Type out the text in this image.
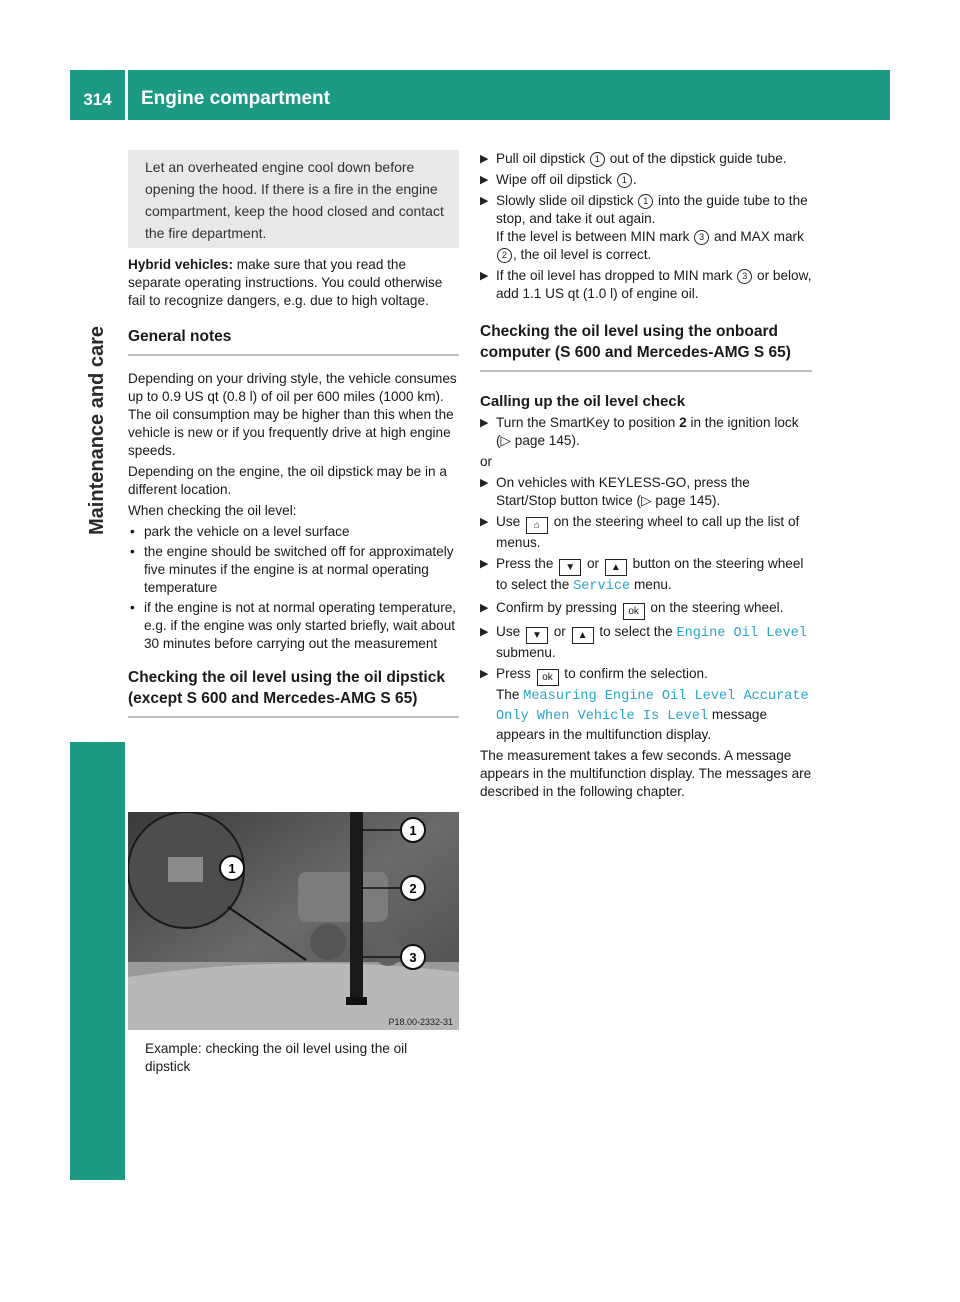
314 Engine compartment
Maintenance and care
Let an overheated engine cool down before opening the hood. If there is a fire in the engine compartment, keep the hood closed and contact the fire department.

Hybrid vehicles: make sure that you read the separate operating instructions. You could otherwise fail to recognize dangers, e.g. due to high voltage.

General notes

Depending on your driving style, the vehicle consumes up to 0.9 US qt (0.8 l) of oil per 600 miles (1000 km). The oil consumption may be higher than this when the vehicle is new or if you frequently drive at high engine speeds.

Depending on the engine, the oil dipstick may be in a different location.

When checking the oil level:

• park the vehicle on a level surface
• the engine should be switched off for approximately five minutes if the engine is at normal operating temperature
• if the engine is not at normal operating temperature, e.g. if the engine was only started briefly, wait about 30 minutes before carrying out the measurement
Checking the oil level using the oil dipstick (except S 600 and Mercedes-AMG S 65)
1
1
2
3
P18.00-2332-31
Example: checking the oil level using the oil dipstick
▶ Pull oil dipstick 1 out of the dipstick guide tube.
▶ Wipe off oil dipstick 1 .
▶ Slowly slide oil dipstick 1 into the guide tube to the stop, and take it out again.
If the level is between MIN mark 3 and MAX mark 2 , the oil level is correct.
▶ If the oil level has dropped to MIN mark 3 or below, add 1.1 US qt (1.0 l) of engine oil.
Checking the oil level using the onboard computer (S 600 and Mercedes-AMG S 65)
Calling up the oil level check
▶ Turn the SmartKey to position 2 in the ignition lock (▷ page 145).

or

▶ On vehicles with KEYLESS-GO, press the Start/Stop button twice (▷ page 145).
▶ Use ⌂ on the steering wheel to call up the list of menus.
▶ Press the ▼ or ▲ button on the steering wheel to select the Service menu.
▶ Confirm by pressing ok on the steering wheel.
▶ Use ▼ or ▲ to select the Engine Oil Level submenu.
▶ Press ok to confirm the selection.
The Measuring Engine Oil Level Accurate Only When Vehicle Is Level message appears in the multifunction display.

The measurement takes a few seconds. A message appears in the multifunction display. The messages are described in the following chapter.
